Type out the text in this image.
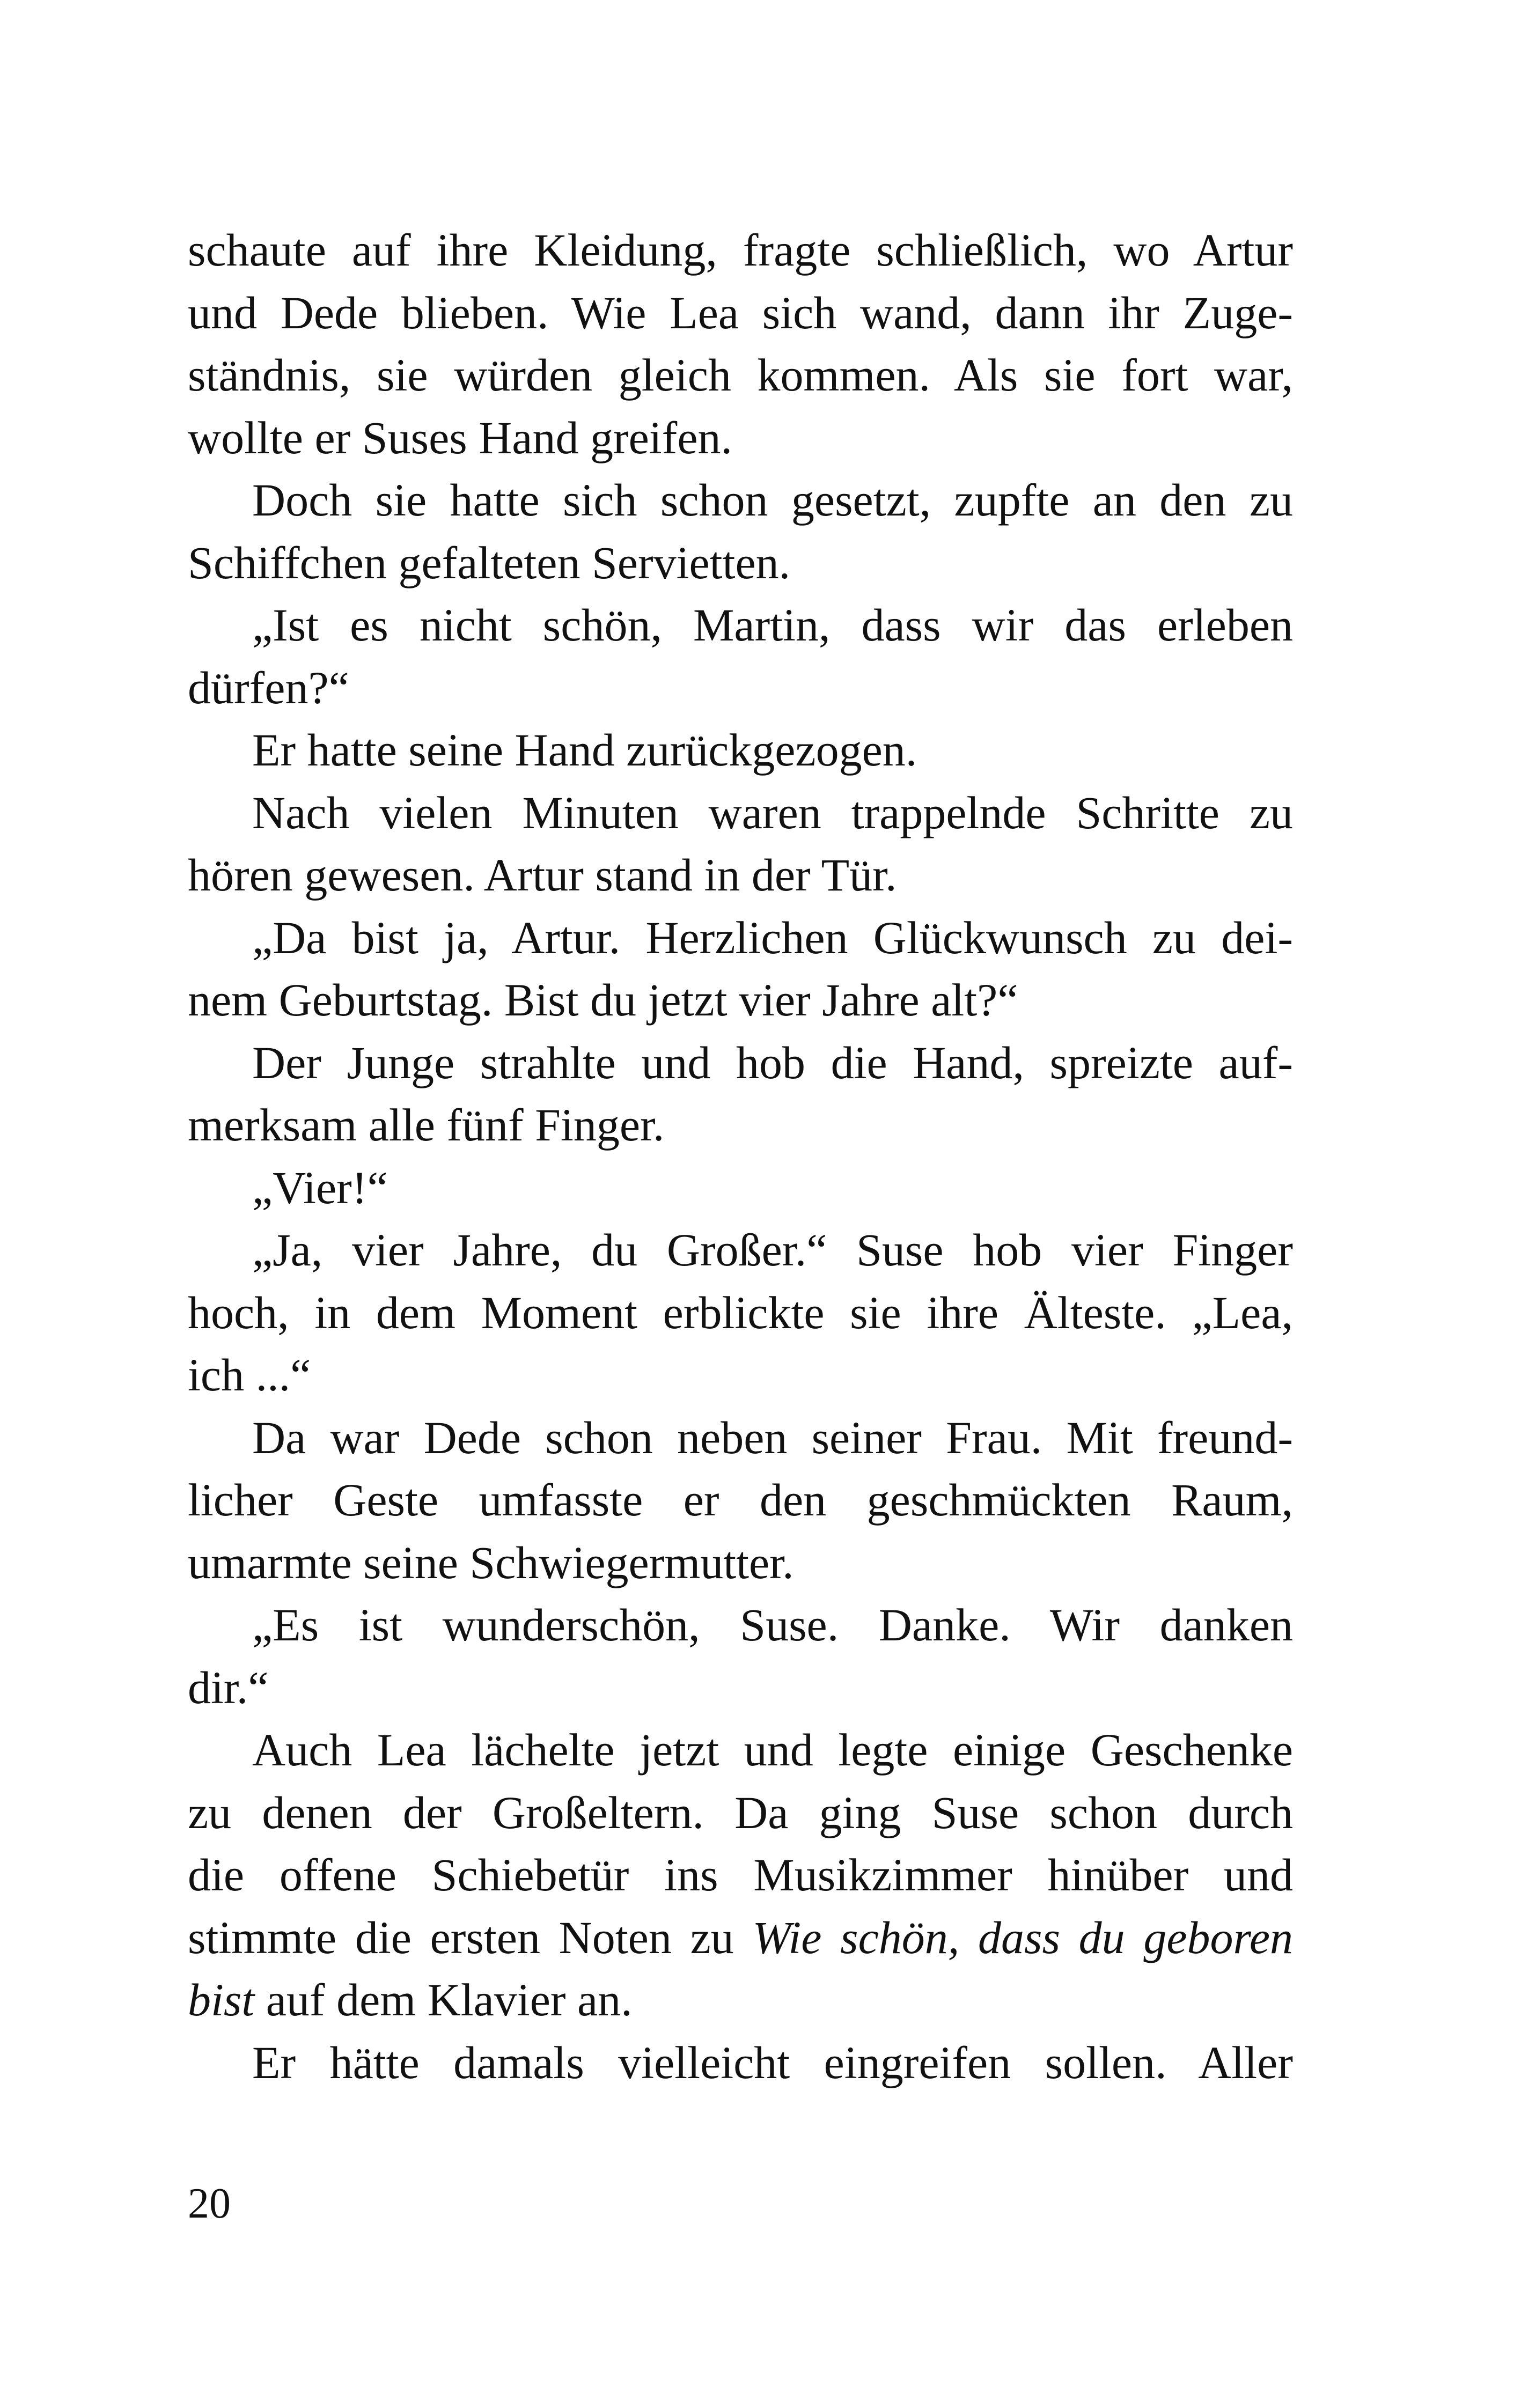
schaute auf ihre Kleidung, fragte schließlich, wo Artur
und Dede blieben. Wie Lea sich wand, dann ihr Zuge-
ständnis, sie würden gleich kommen. Als sie fort war,
wollte er Suses Hand greifen.
Doch sie hatte sich schon gesetzt, zupfte an den zu
Schiffchen gefalteten Servietten.
„Ist es nicht schön, Martin, dass wir das erleben
dürfen?“
Er hatte seine Hand zurückgezogen.
Nach vielen Minuten waren trappelnde Schritte zu
hören gewesen. Artur stand in der Tür.
„Da bist ja, Artur. Herzlichen Glückwunsch zu dei-
nem Geburtstag. Bist du jetzt vier Jahre alt?“
Der Junge strahlte und hob die Hand, spreizte auf-
merksam alle fünf Finger.
„Vier!“
„Ja, vier Jahre, du Großer.“ Suse hob vier Finger
hoch, in dem Moment erblickte sie ihre Älteste. „Lea,
ich ...“
Da war Dede schon neben seiner Frau. Mit freund-
licher Geste umfasste er den geschmückten Raum,
umarmte seine Schwiegermutter.
„Es ist wunderschön, Suse. Danke. Wir danken
dir.“
Auch Lea lächelte jetzt und legte einige Geschenke
zu denen der Großeltern. Da ging Suse schon durch
die offene Schiebetür ins Musikzimmer hinüber und
stimmte die ersten Noten zu Wie schön, dass du geboren
bist auf dem Klavier an.
Er hätte damals vielleicht eingreifen sollen. Aller
20
